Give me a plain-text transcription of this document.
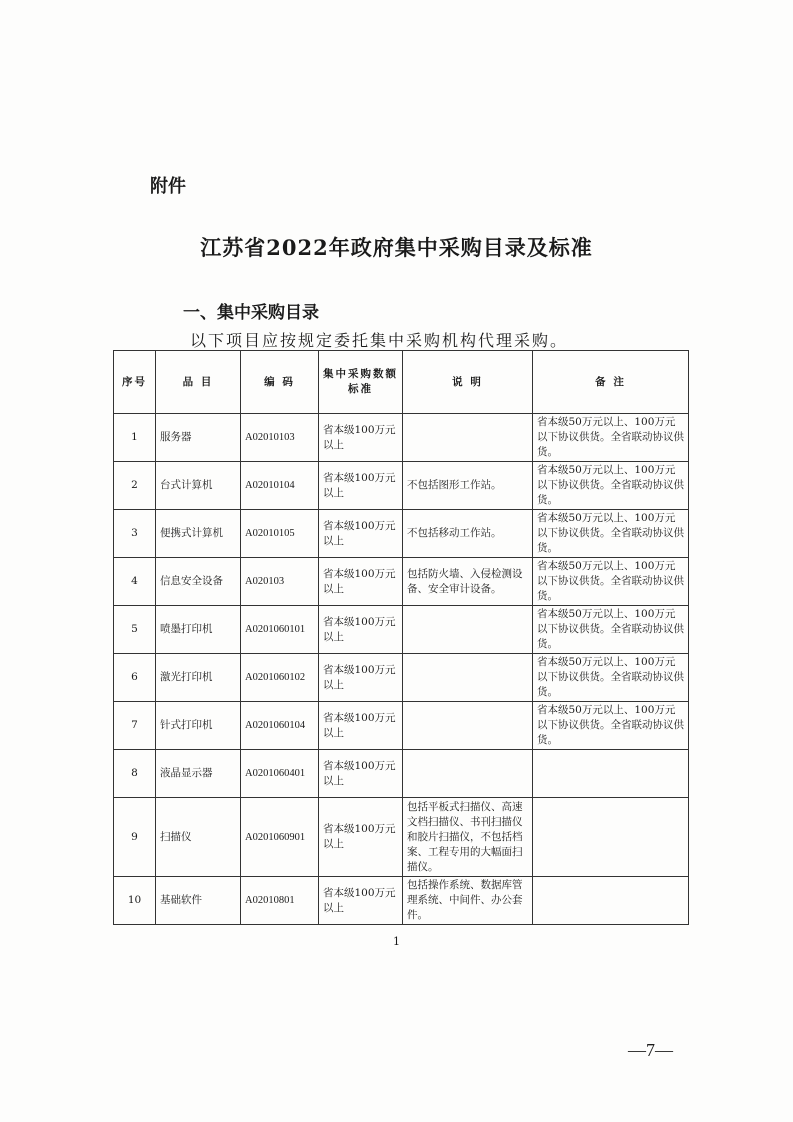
附件
江苏省2022年政府集中采购目录及标准
一、集中采购目录
以下项目应按规定委托集中采购机构代理采购。
序号	品 目	编 码	集中采购数额标准	说 明	备 注
1	服务器	A02010103	省本级100万元以上		省本级50万元以上、100万元以下协议供货。全省联动协议供货。
2	台式计算机	A02010104	省本级100万元以上	不包括图形工作站。	省本级50万元以上、100万元以下协议供货。全省联动协议供货。
3	便携式计算机	A02010105	省本级100万元以上	不包括移动工作站。	省本级50万元以上、100万元以下协议供货。全省联动协议供货。
4	信息安全设备	A020103	省本级100万元以上	包括防火墙、入侵检测设备、安全审计设备。	省本级50万元以上、100万元以下协议供货。全省联动协议供货。
5	喷墨打印机	A0201060101	省本级100万元以上		省本级50万元以上、100万元以下协议供货。全省联动协议供货。
6	激光打印机	A0201060102	省本级100万元以上		省本级50万元以上、100万元以下协议供货。全省联动协议供货。
7	针式打印机	A0201060104	省本级100万元以上		省本级50万元以上、100万元以下协议供货。全省联动协议供货。
8	液晶显示器	A0201060401	省本级100万元以上		
9	扫描仪	A0201060901	省本级100万元以上	包括平板式扫描仪、高速文档扫描仪、书刊扫描仪和胶片扫描仪，不包括档案、工程专用的大幅面扫描仪。	
10	基础软件	A02010801	省本级100万元以上	包括操作系统、数据库管理系统、中间件、办公套件。	
1
—7—
